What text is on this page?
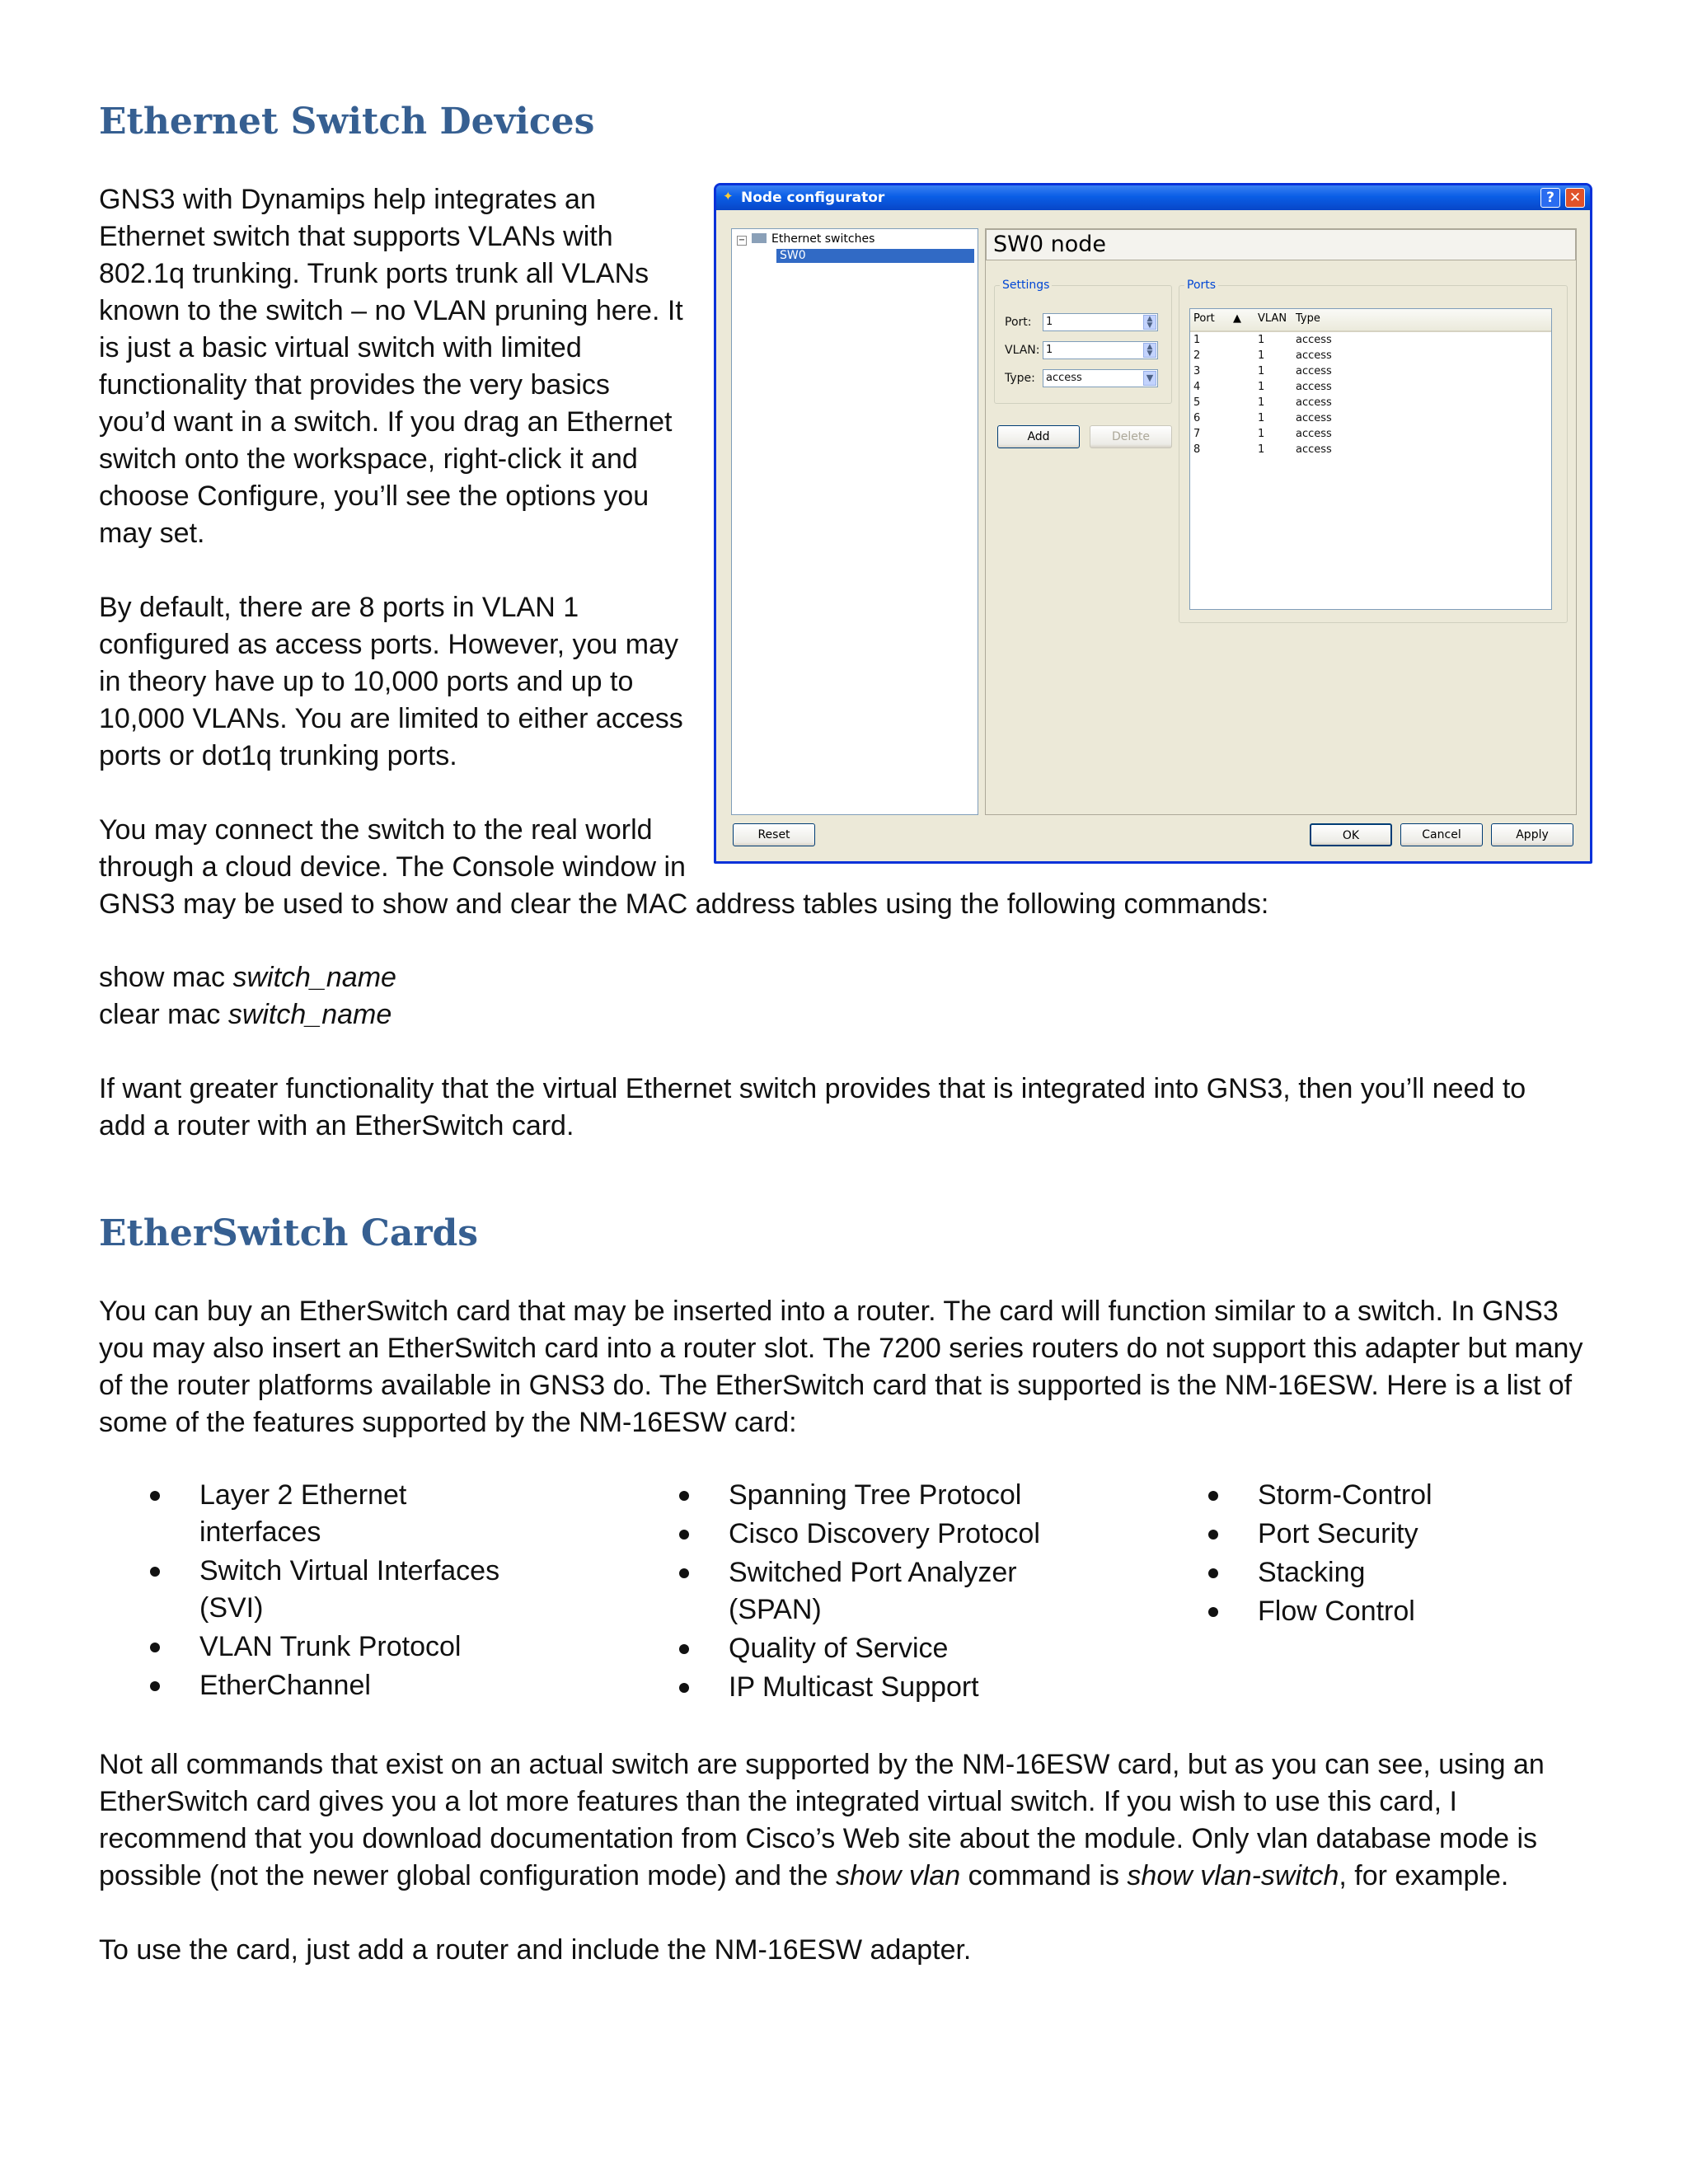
Ethernet Switch Devices
GNS3 with Dynamips help integrates an
Ethernet switch that supports VLANs with
802.1q trunking. Trunk ports trunk all VLANs
known to the switch – no VLAN pruning here. It
is just a basic virtual switch with limited
functionality that provides the very basics
you’d want in a switch. If you drag an Ethernet
switch onto the workspace, right-click it and
choose Configure, you’ll see the options you
may set.
By default, there are 8 ports in VLAN 1
configured as access ports. However, you may
in theory have up to 10,000 ports and up to
10,000 VLANs. You are limited to either access
ports or dot1q trunking ports.
You may connect the switch to the real world
through a cloud device. The Console window in
GNS3 may be used to show and clear the MAC address tables using the following commands:
show mac switch_name
clear mac switch_name
If want greater functionality that the virtual Ethernet switch provides that is integrated into GNS3, then you’ll need to
add a router with an EtherSwitch card.
✦ Node configurator	?	✕
− Ethernet switches
SW0	SW0 node
Settings
Port: 1	▲
▼
VLAN: 1	▲
▼
Type: access	▼
Add	Delete
Ports
Port ▲ VLAN Type
1	1	access
2	1	access
3	1	access
4	1	access
5	1	access
6	1	access
7	1	access
8	1	access
Reset	OK	Cancel	Apply
EtherSwitch Cards
You can buy an EtherSwitch card that may be inserted into a router. The card will function similar to a switch. In GNS3
you may also insert an EtherSwitch card into a router slot. The 7200 series routers do not support this adapter but many
of the router platforms available in GNS3 do. The EtherSwitch card that is supported is the NM-16ESW. Here is a list of
some of the features supported by the NM-16ESW card:
Layer 2 Ethernet interfaces
Switch Virtual Interfaces (SVI)
VLAN Trunk Protocol
EtherChannel
Spanning Tree Protocol
Cisco Discovery Protocol
Switched Port Analyzer (SPAN)
Quality of Service
IP Multicast Support
Storm-Control
Port Security
Stacking
Flow Control
Not all commands that exist on an actual switch are supported by the NM-16ESW card, but as you can see, using an
EtherSwitch card gives you a lot more features than the integrated virtual switch. If you wish to use this card, I
recommend that you download documentation from Cisco’s Web site about the module. Only vlan database mode is
possible (not the newer global configuration mode) and the show vlan command is show vlan-switch, for example.
To use the card, just add a router and include the NM-16ESW adapter.
